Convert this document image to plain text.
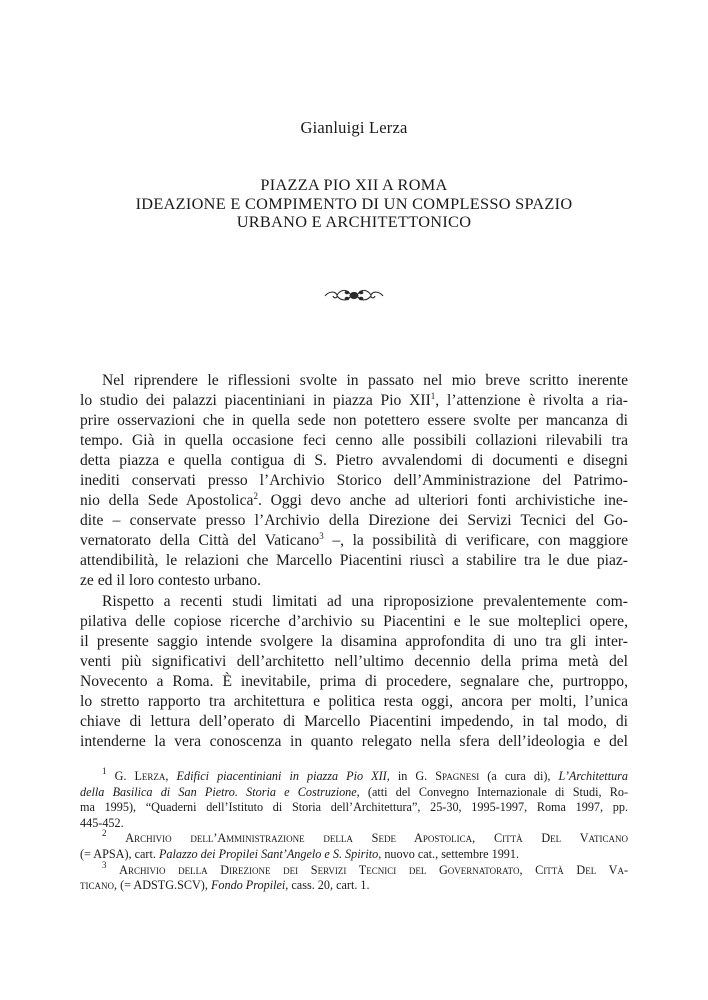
Gianluigi Lerza
PIAZZA PIO XII A ROMA
IDEAZIONE E COMPIMENTO DI UN COMPLESSO SPAZIO
URBANO E ARCHITETTONICO
Nel riprendere le riflessioni svolte in passato nel mio breve scritto inerente
lo studio dei palazzi piacentiniani in piazza Pio XII$^1$, l’attenzione è rivolta a ria-
prire osservazioni che in quella sede non potettero essere svolte per mancanza di
tempo. Già in quella occasione feci cenno alle possibili collazioni rilevabili tra
detta piazza e quella contigua di S. Pietro avvalendomi di documenti e disegni
inediti conservati presso l’Archivio Storico dell’Amministrazione del Patrimo-
nio della Sede Apostolica$^2$. Oggi devo anche ad ulteriori fonti archivistiche ine-
dite – conservate presso l’Archivio della Direzione dei Servizi Tecnici del Go-
vernatorato della Città del Vaticano$^3$ –, la possibilità di verificare, con maggiore
attendibilità, le relazioni che Marcello Piacentini riuscì a stabilire tra le due piaz-
ze ed il loro contesto urbano.
Rispetto a recenti studi limitati ad una riproposizione prevalentemente com-
pilativa delle copiose ricerche d’archivio su Piacentini e le sue molteplici opere,
il presente saggio intende svolgere la disamina approfondita di uno tra gli inter-
venti più significativi dell’architetto nell’ultimo decennio della prima metà del
Novecento a Roma. È inevitabile, prima di procedere, segnalare che, purtroppo,
lo stretto rapporto tra architettura e politica resta oggi, ancora per molti, l’unica
chiave di lettura dell’operato di Marcello Piacentini impedendo, in tal modo, di
intenderne la vera conoscenza in quanto relegato nella sfera dell’ideologia e del
$^1$ G. Lerza, Edifici piacentiniani in piazza Pio XII, in G. Spagnesi (a cura di), L’Architettura
della Basilica di San Pietro. Storia e Costruzione, (atti del Convegno Internazionale di Studi, Ro-
ma 1995), “Quaderni dell’Istituto di Storia dell’Architettura”, 25-30, 1995-1997, Roma 1997, pp.
445-452.
$^2$ Archivio dell’Amministrazione della Sede Apostolica, Città Del Vaticano
(= APSA), cart. Palazzo dei Propilei Sant’Angelo e S. Spirito, nuovo cat., settembre 1991.
$^3$ Archivio della Direzione dei Servizi Tecnici del Governatorato, Città Del Va-
ticano, (= ADSTG.SCV), Fondo Propilei, cass. 20, cart. 1.
